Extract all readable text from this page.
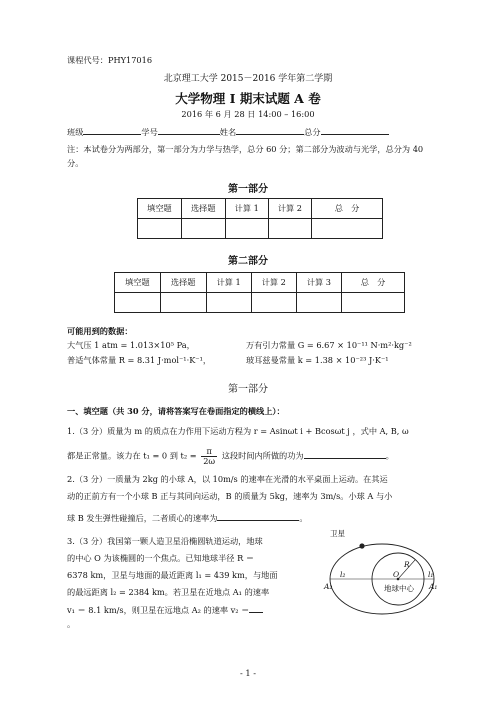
课程代号：PHY17016
北京理工大学 2015－2016 学年第二学期
大学物理 I 期末试题 A 卷
2016 年 6 月 28 日 14:00 – 16:00
班级	学号	姓名	总分
注：本试卷分为两部分，第一部分为力学与热学，总分 60 分；第二部分为波动与光学，总分为 40 分。
第一部分
填空题	选择题	计算 1	计算 2	总　分

第二部分
填空题	选择题	计算 1	计算 2	计算 3	总　分

可能用到的数据：
大气压 1 atm = 1.013×10⁵ Pa，	万有引力常量 G = 6.67 × 10⁻¹¹ N·m²·kg⁻²
普适气体常量 R = 8.31 J·mol⁻¹·K⁻¹，	玻耳兹曼常量 k = 1.38 × 10⁻²³ J·K⁻¹
第一部分
一、填空题（共 30 分，请将答案写在卷面指定的横线上）：
1.（3 分）质量为 m 的质点在力作用下运动方程为 r = Asinωt i + Bcosωt j ，式中 A, B, ω
都是正常量。该力在 t₁ = 0 到 $t_2 = \frac{\pi}{2\omega}$ 这段时间内所做的功为	。
2.（3 分）一质量为 2kg 的小球 A，以 10m/s 的速率在光滑的水平桌面上运动。在其运
动的正前方有一个小球 B 正与其同向运动，B 的质量为 5kg，速率为 3m/s。小球 A 与小
球 B 发生弹性碰撞后，二者质心的速率为	。
3.（3 分）我国第一颗人造卫星沿椭圆轨道运动，地球
的中心 O 为该椭圆的一个焦点。已知地球半径 R ＝
6378 km，卫星与地面的最近距离 l₁ = 439 km，与地面
的最远距离 l₂ = 2384 km。若卫星在近地点 A₁ 的速率
v₁ ＝ 8.1 km/s，则卫星在远地点 A₂ 的速率 v₂ ＝
。
卫星
R
O
l₂	l₁
A₂	A₁
地球中心
- 1 -
